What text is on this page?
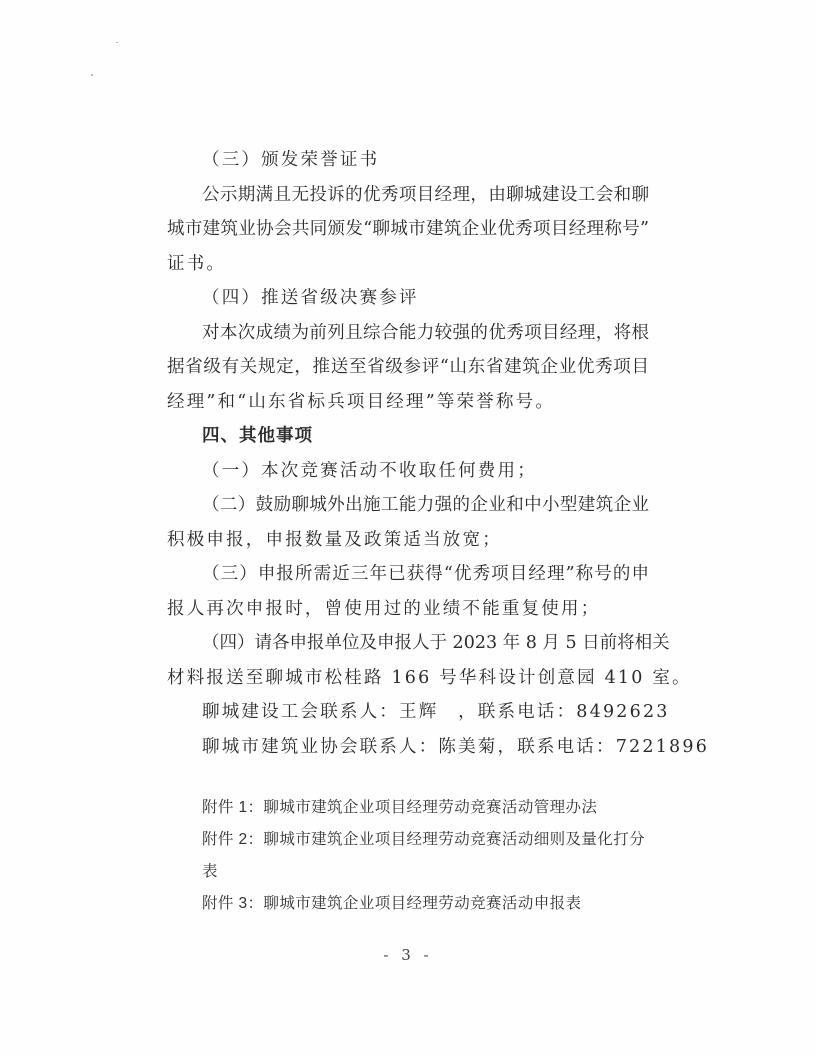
（三）颁发荣誉证书
公示期满且无投诉的优秀项目经理，由聊城建设工会和聊
城市建筑业协会共同颁发“聊城市建筑企业优秀项目经理称号”
证书。
（四）推送省级决赛参评
对本次成绩为前列且综合能力较强的优秀项目经理，将根
据省级有关规定，推送至省级参评“山东省建筑企业优秀项目
经理”和“山东省标兵项目经理”等荣誉称号。
四、其他事项
（一）本次竞赛活动不收取任何费用；
（二）鼓励聊城外出施工能力强的企业和中小型建筑企业
积极申报，申报数量及政策适当放宽；
（三）申报所需近三年已获得“优秀项目经理”称号的申
报人再次申报时，曾使用过的业绩不能重复使用；
（四）请各申报单位及申报人于 2023 年 8 月 5 日前将相关
材料报送至聊城市松桂路 166 号华科设计创意园 410 室。
聊城建设工会联系人：王辉　，联系电话：8492623
聊城市建筑业协会联系人：陈美菊，联系电话：7221896
附件 1：聊城市建筑企业项目经理劳动竞赛活动管理办法
附件 2：聊城市建筑企业项目经理劳动竞赛活动细则及量化打分表
附件 3：聊城市建筑企业项目经理劳动竞赛活动申报表
- 3 -
